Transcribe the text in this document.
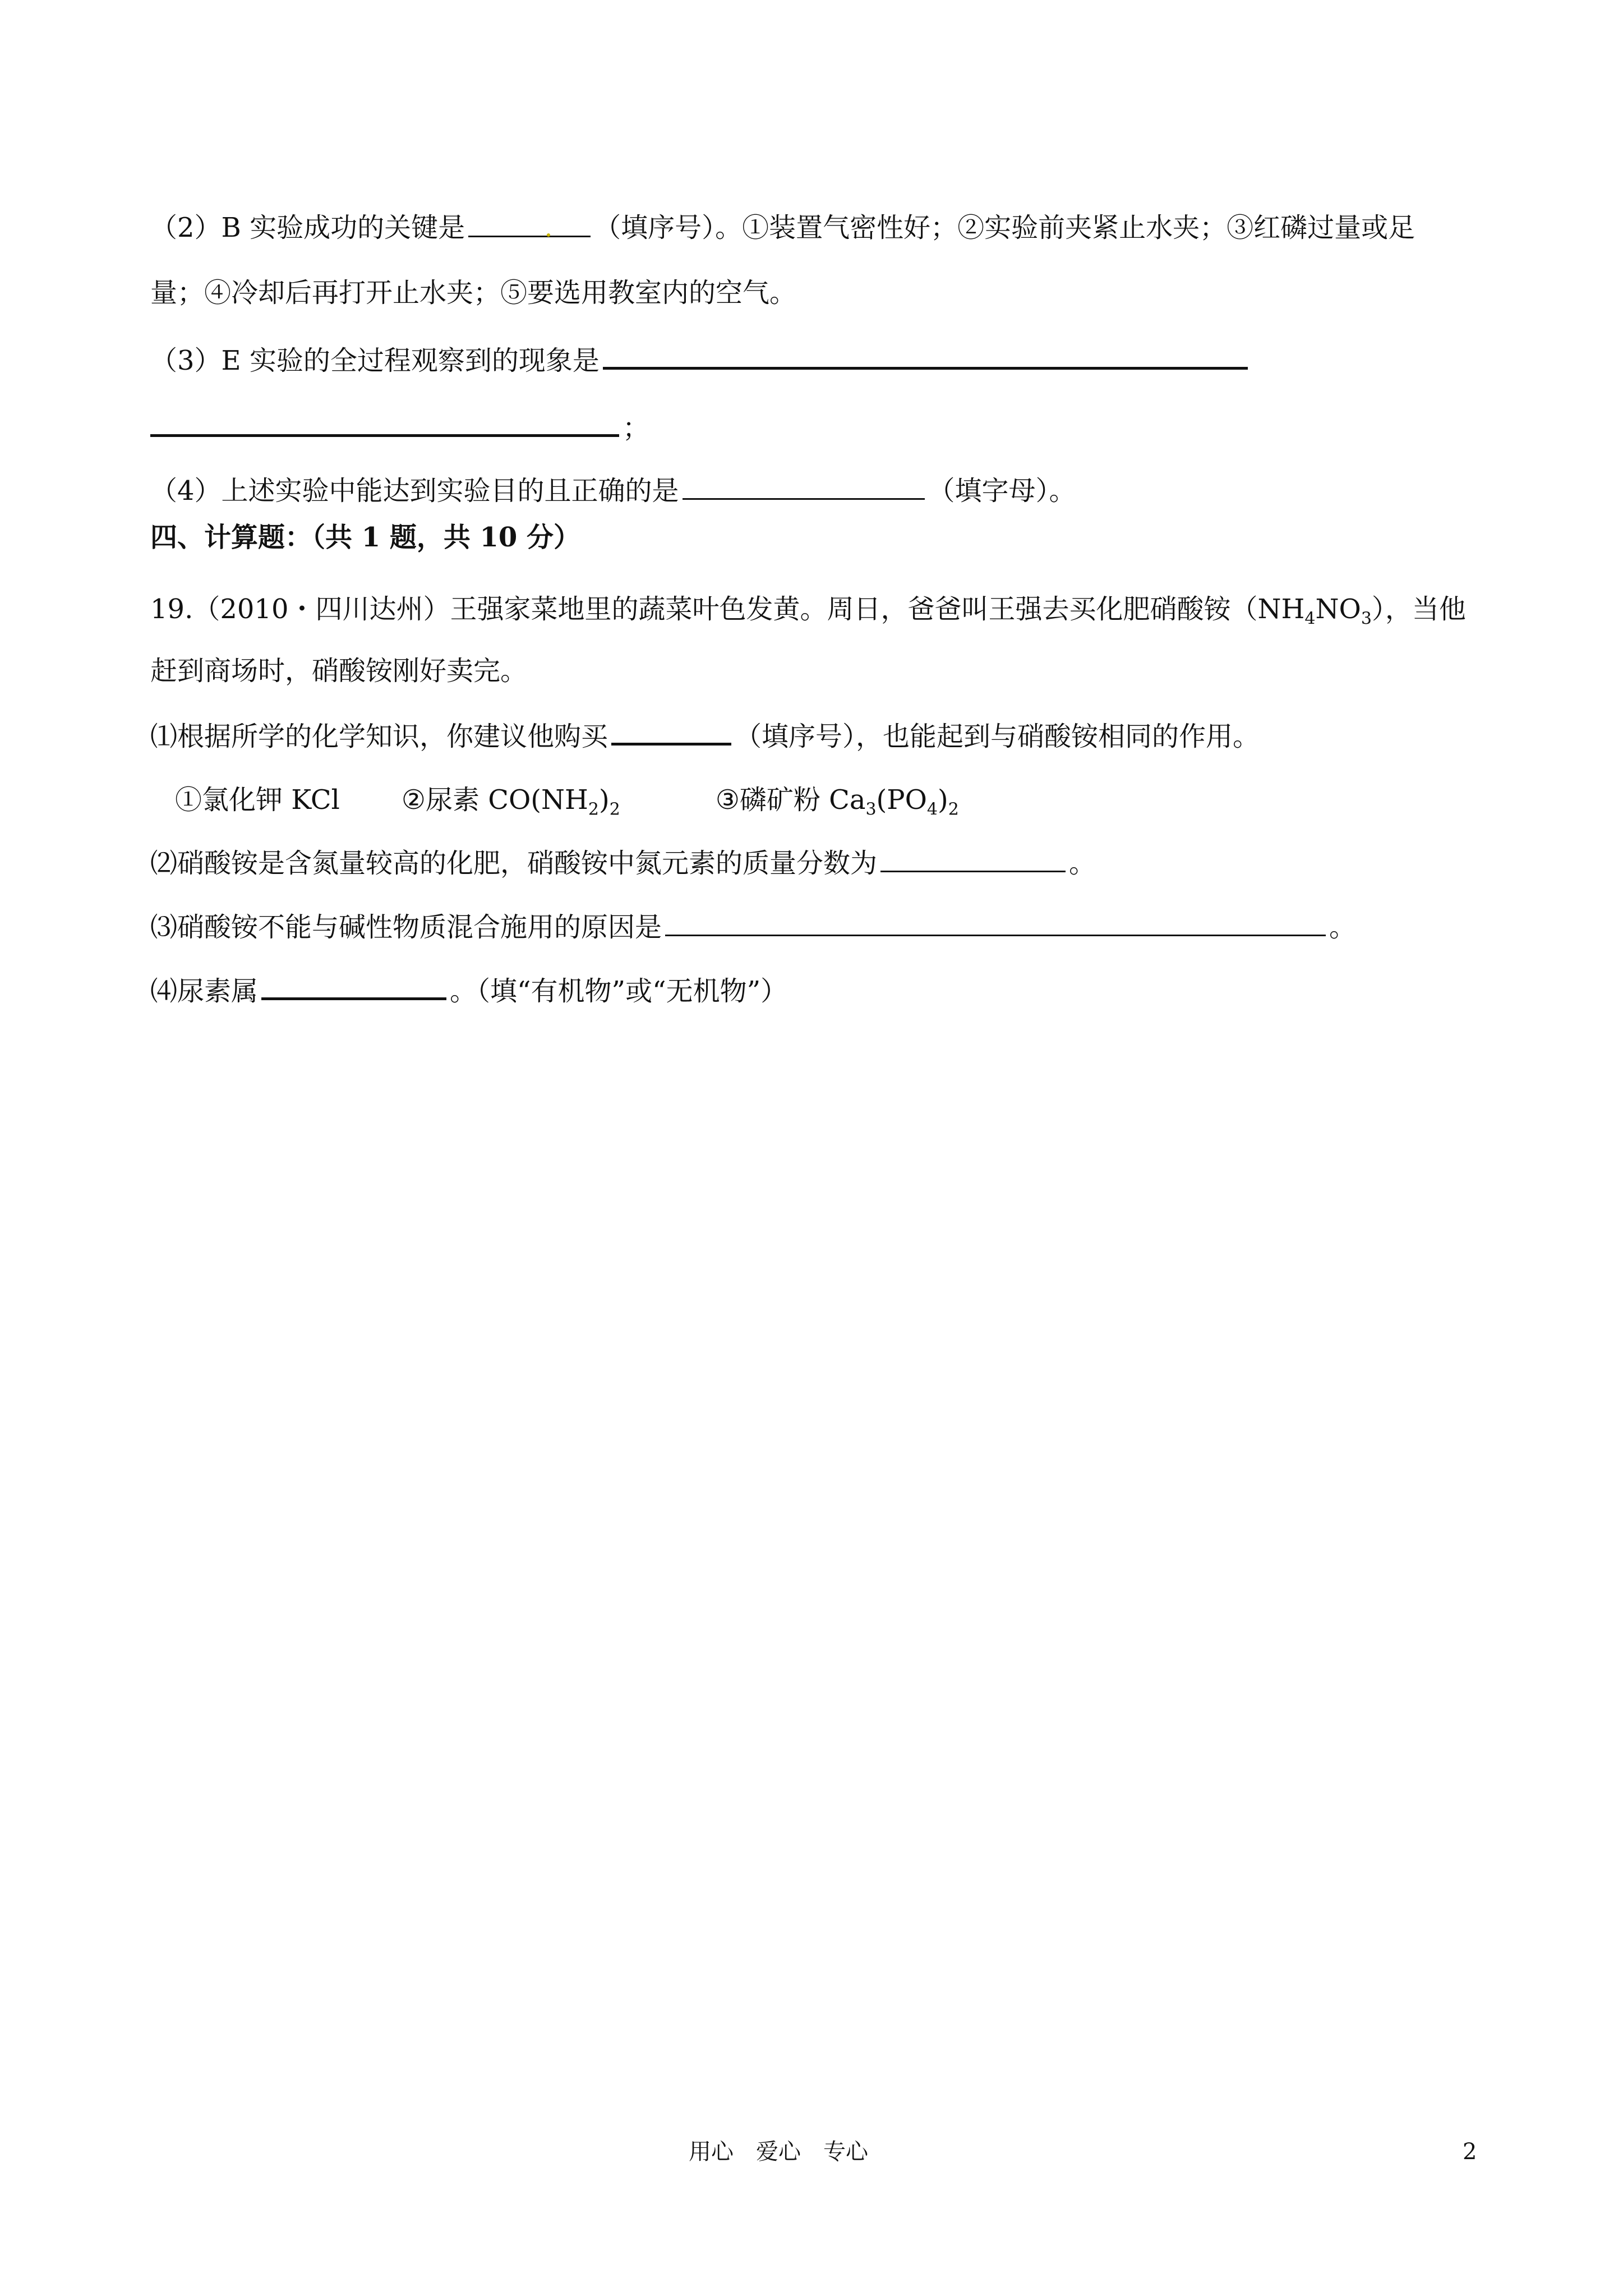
（2）B 实验成功的关键是	（填序号）。①装置气密性好；②实验前夹紧止水夹；③红磷过量或足
量；④冷却后再打开止水夹；⑤要选用教室内的空气。
（3）E 实验的全过程观察到的现象是
；
（4）上述实验中能达到实验目的且正确的是	（填字母）。
四、计算题：（共 1 题，共 10 分）
19.（2010・四川达州）王强家菜地里的蔬菜叶色发黄。周日，爸爸叫王强去买化肥硝酸铵$(NH_4NO_3)$，当他
赶到商场时，硝酸铵刚好卖完。
⑴根据所学的化学知识，你建议他购买	（填序号），也能起到与硝酸铵相同的作用。
①氯化钾 KCl ②尿素 $CO(NH_2)_2$	③磷矿粉 $Ca_3(PO_4)_2$
⑵硝酸铵是含氮量较高的化肥，硝酸铵中氮元素的质量分数为	。
⑶硝酸铵不能与碱性物质混合施用的原因是	。
⑷尿素属	。（填“有机物”或“无机物”）
用心　爱心　专心	2
